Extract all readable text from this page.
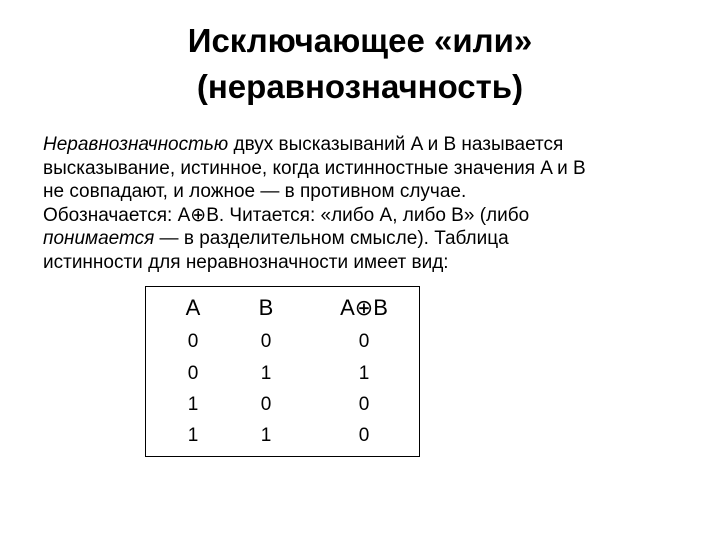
Исключающее «или»
(неравнозначность)
Неравнозначностью двух высказываний A и B называется
высказывание, истинное, когда истинностные значения A и B
не совпадают, и ложное — в противном случае.
Обозначается: A⊕B. Читается: «либо A, либо B» (либо
понимается — в разделительном смысле). Таблица
истинности для неравнозначности имеет вид:
A	B	A⊕B
0	0	0
0	1	1
1	0	0
1	1	0
